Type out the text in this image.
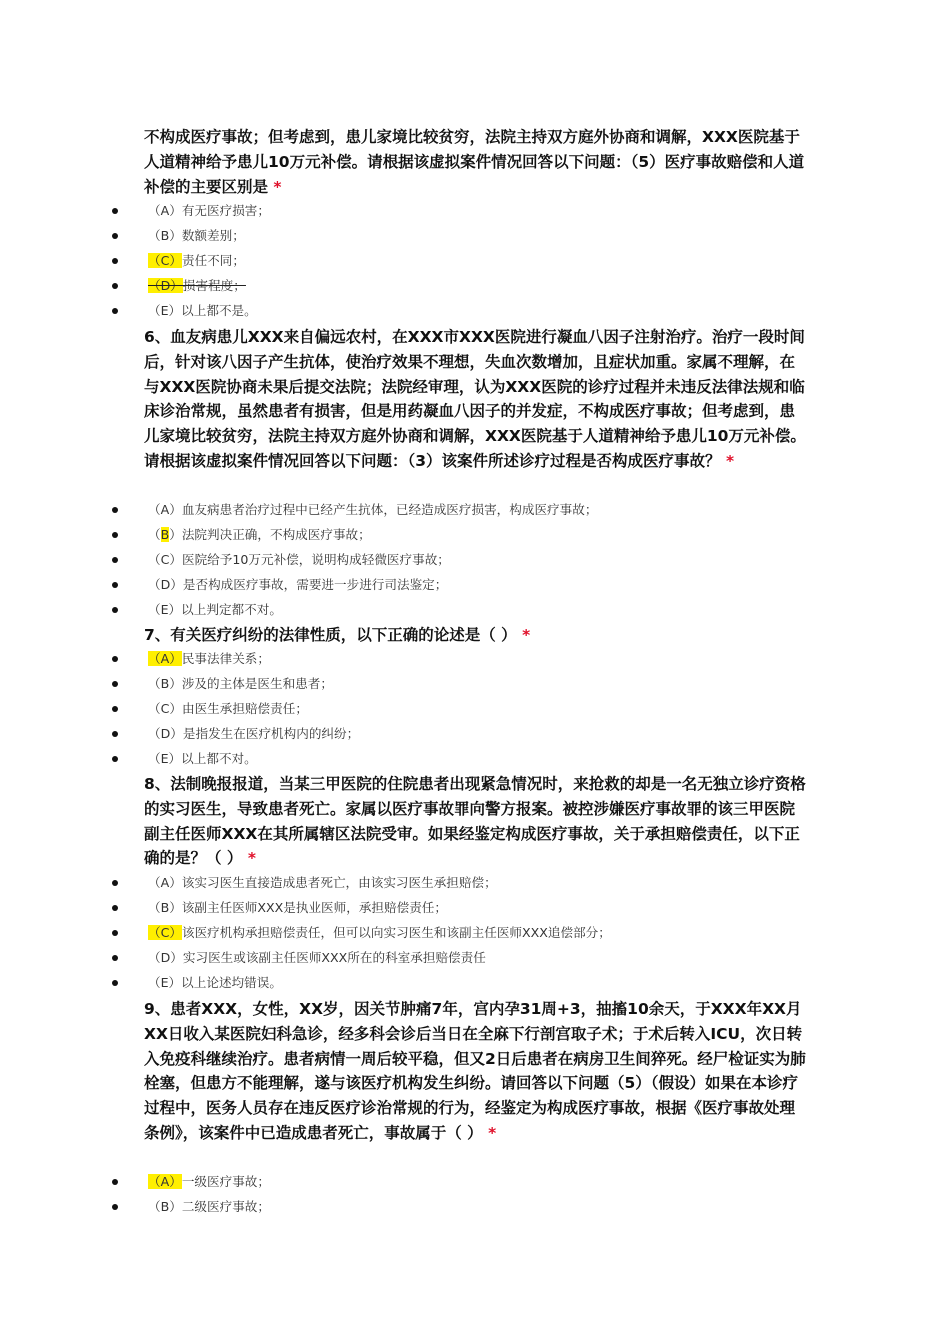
不构成医疗事故；但考虑到，患儿家境比较贫穷，法院主持双方庭外协商和调解，XXX医院基于人道精神给予患儿10万元补偿。请根据该虚拟案件情况回答以下问题：（5）医疗事故赔偿和人道补偿的主要区别是 *

（A）有无医疗损害；
（B）数额差别；
（C）责任不同；
（D）损害程度；
（E）以上都不是。

6、血友病患儿XXX来自偏远农村，在XXX市XXX医院进行凝血八因子注射治疗。治疗一段时间后，针对该八因子产生抗体，使治疗效果不理想，失血次数增加，且症状加重。家属不理解，在与XXX医院协商未果后提交法院；法院经审理，认为XXX医院的诊疗过程并未违反法律法规和临床诊治常规，虽然患者有损害，但是用药凝血八因子的并发症，不构成医疗事故；但考虑到，患儿家境比较贫穷，法院主持双方庭外协商和调解，XXX医院基于人道精神给予患儿10万元补偿。请根据该虚拟案件情况回答以下问题：（3）该案件所述诊疗过程是否构成医疗事故？ *

（A）血友病患者治疗过程中已经产生抗体，已经造成医疗损害，构成医疗事故；
（B）法院判决正确，不构成医疗事故；
（C）医院给予10万元补偿，说明构成轻微医疗事故；
（D）是否构成医疗事故，需要进一步进行司法鉴定；
（E）以上判定都不对。

7、有关医疗纠纷的法律性质，以下正确的论述是（ ） *

（A）民事法律关系；
（B）涉及的主体是医生和患者；
（C）由医生承担赔偿责任；
（D）是指发生在医疗机构内的纠纷；
（E）以上都不对。

8、法制晚报报道，当某三甲医院的住院患者出现紧急情况时，来抢救的却是一名无独立诊疗资格的实习医生，导致患者死亡。家属以医疗事故罪向警方报案。被控涉嫌医疗事故罪的该三甲医院副主任医师XXX在其所属辖区法院受审。如果经鉴定构成医疗事故，关于承担赔偿责任，以下正确的是？（ ） *

（A）该实习医生直接造成患者死亡，由该实习医生承担赔偿；
（B）该副主任医师XXX是执业医师，承担赔偿责任；
（C）该医疗机构承担赔偿责任，但可以向实习医生和该副主任医师XXX追偿部分；
（D）实习医生或该副主任医师XXX所在的科室承担赔偿责任
（E）以上论述均错误。

9、患者XXX，女性，XX岁，因关节肿痛7年，宫内孕31周+3，抽搐10余天，于XXX年XX月XX日收入某医院妇科急诊，经多科会诊后当日在全麻下行剖宫取子术；于术后转入ICU，次日转入免疫科继续治疗。患者病情一周后较平稳，但又2日后患者在病房卫生间猝死。经尸检证实为肺栓塞，但患方不能理解，遂与该医疗机构发生纠纷。请回答以下问题（5）（假设）如果在本诊疗过程中，医务人员存在违反医疗诊治常规的行为，经鉴定为构成医疗事故，根据《医疗事故处理条例》，该案件中已造成患者死亡，事故属于（ ） *

（A）一级医疗事故；
（B）二级医疗事故；
